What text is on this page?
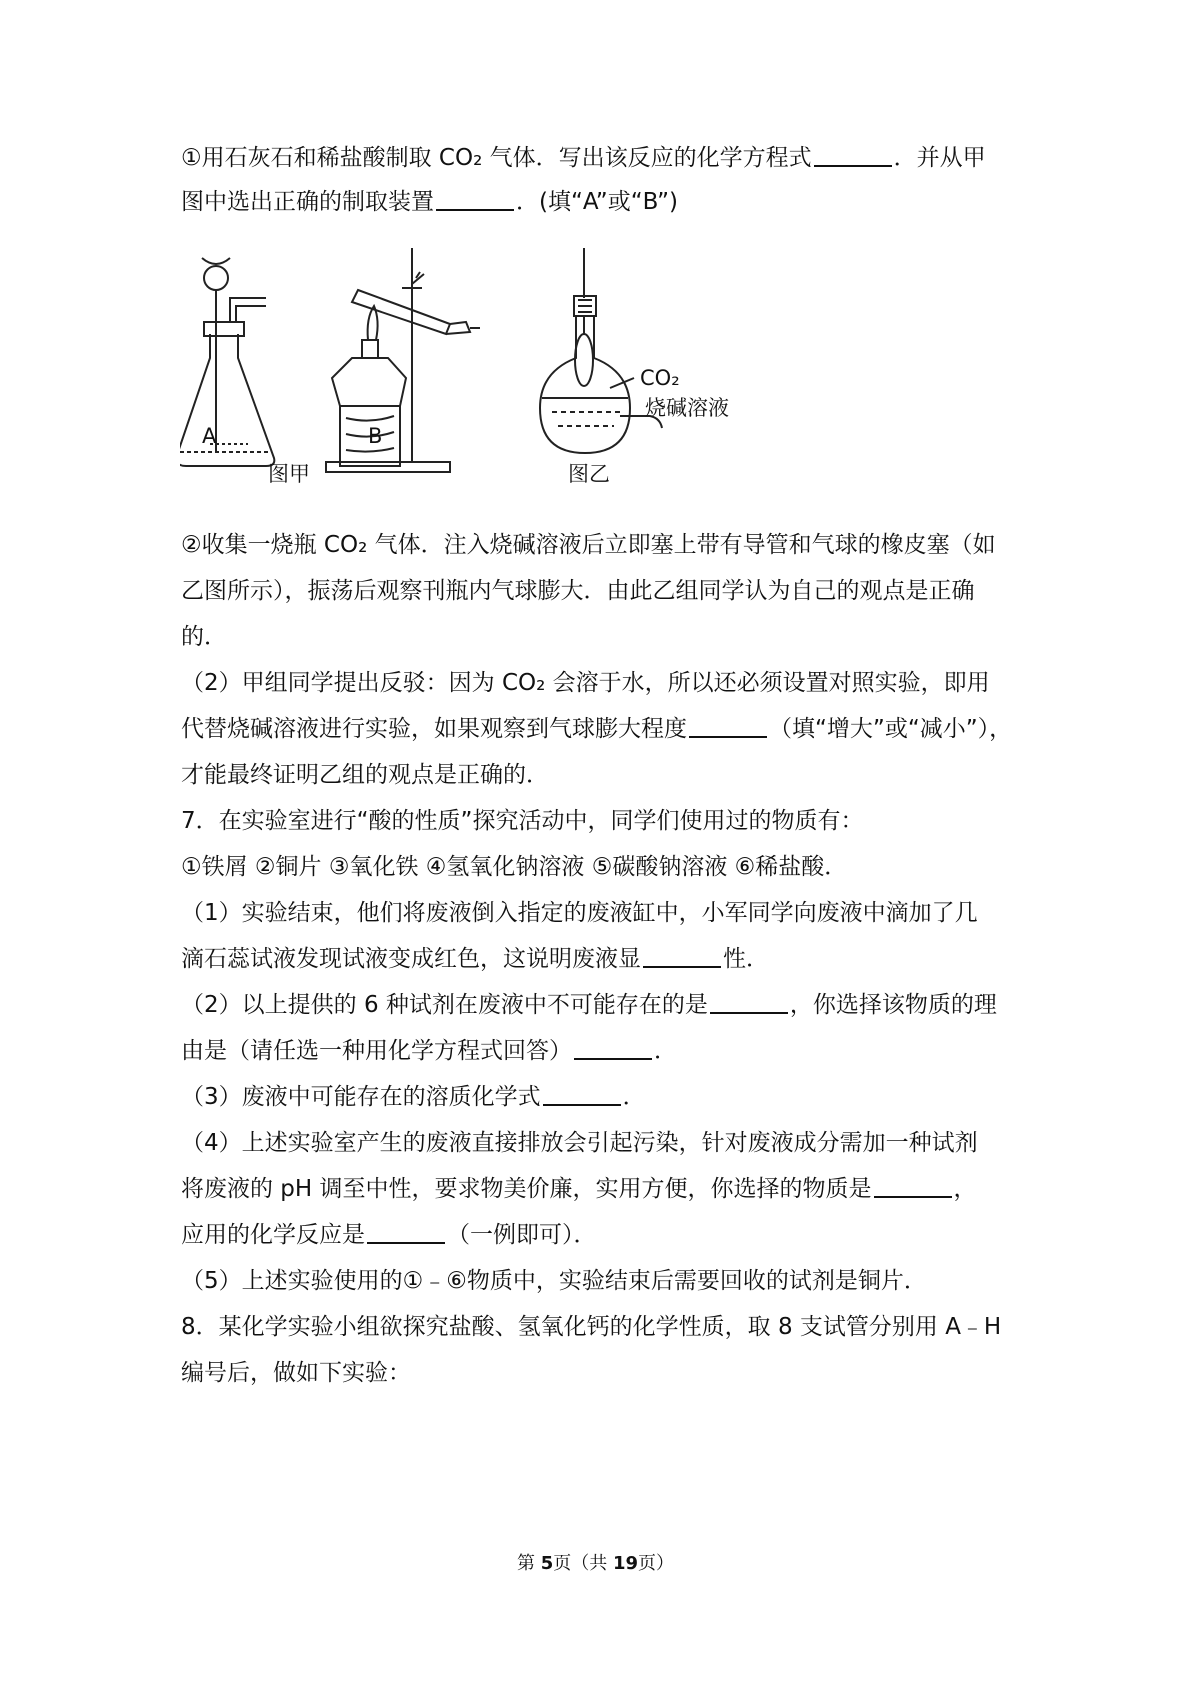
①用石灰石和稀盐酸制取 CO₂ 气体．写出该反应的化学方程式	．并从甲
图中选出正确的制取装置	．(填“A”或“B”)
A	B
图甲
CO₂
烧碱溶液
图乙
②收集一烧瓶 CO₂ 气体．注入烧碱溶液后立即塞上带有导管和气球的橡皮塞（如
乙图所示），振荡后观察刊瓶内气球膨大．由此乙组同学认为自己的观点是正确
的．
（2）甲组同学提出反驳：因为 CO₂ 会溶于水，所以还必须设置对照实验，即用
代替烧碱溶液进行实验，如果观察到气球膨大程度	（填“增大”或“减小”），
才能最终证明乙组的观点是正确的．
7．在实验室进行“酸的性质”探究活动中，同学们使用过的物质有：
①铁屑 ②铜片 ③氧化铁 ④氢氧化钠溶液 ⑤碳酸钠溶液 ⑥稀盐酸．
（1）实验结束，他们将废液倒入指定的废液缸中，小军同学向废液中滴加了几
滴石蕊试液发现试液变成红色，这说明废液显	性．
（2）以上提供的 6 种试剂在废液中不可能存在的是	，你选择该物质的理
由是（请任选一种用化学方程式回答）	．
（3）废液中可能存在的溶质化学式	．
（4）上述实验室产生的废液直接排放会引起污染，针对废液成分需加一种试剂
将废液的 pH 调至中性，要求物美价廉，实用方便，你选择的物质是	，
应用的化学反应是	（一例即可）．
（5）上述实验使用的①﹣⑥物质中，实验结束后需要回收的试剂是铜片．
8．某化学实验小组欲探究盐酸、氢氧化钙的化学性质，取 8 支试管分别用 A﹣H
编号后，做如下实验：
第 5页（共 19页）
